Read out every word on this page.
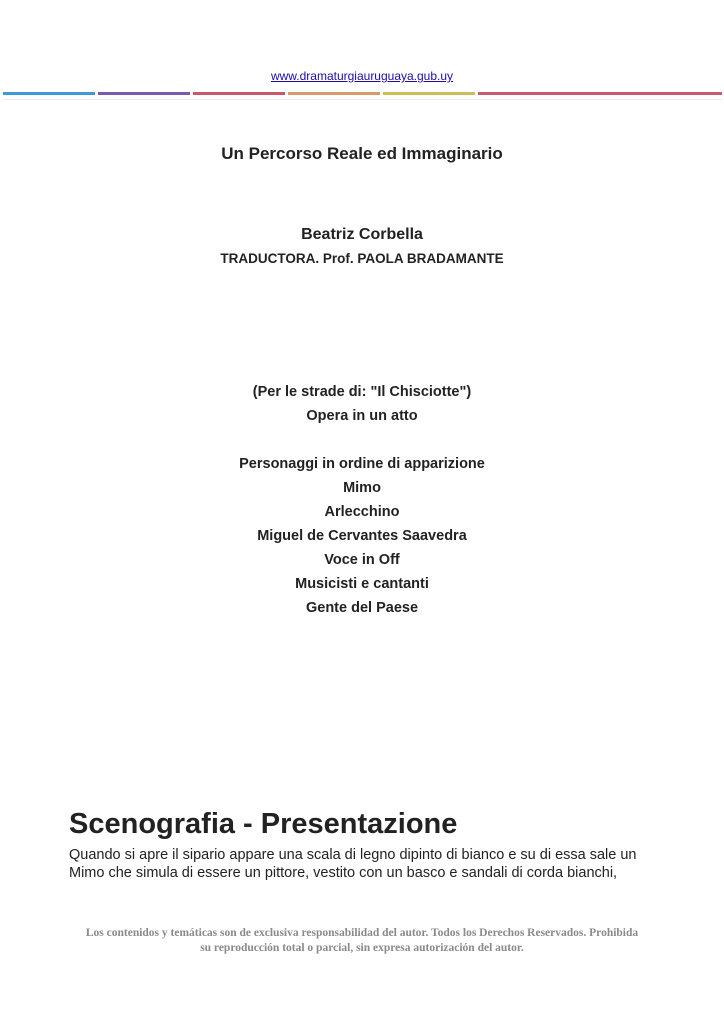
www.dramaturgiauruguaya.gub.uy
Un Percorso Reale ed Immaginario
Beatriz Corbella
TRADUCTORA. Prof. PAOLA BRADAMANTE
(Per le strade di: "Il Chisciotte")
Opera in un atto
Personaggi in ordine di apparizione
Mimo
Arlecchino
Miguel de Cervantes Saavedra
Voce in Off
Musicisti e cantanti
Gente del Paese
Scenografia - Presentazione

Quando si apre il sipario appare una scala di legno dipinto di bianco e su di essa sale un Mimo che simula di essere un pittore, vestito con un basco e sandali di corda bianchi,

Los contenidos y temáticas son de exclusiva responsabilidad del autor. Todos los Derechos Reservados. Prohibida
su reproducción total o parcial, sin expresa autorización del autor.
